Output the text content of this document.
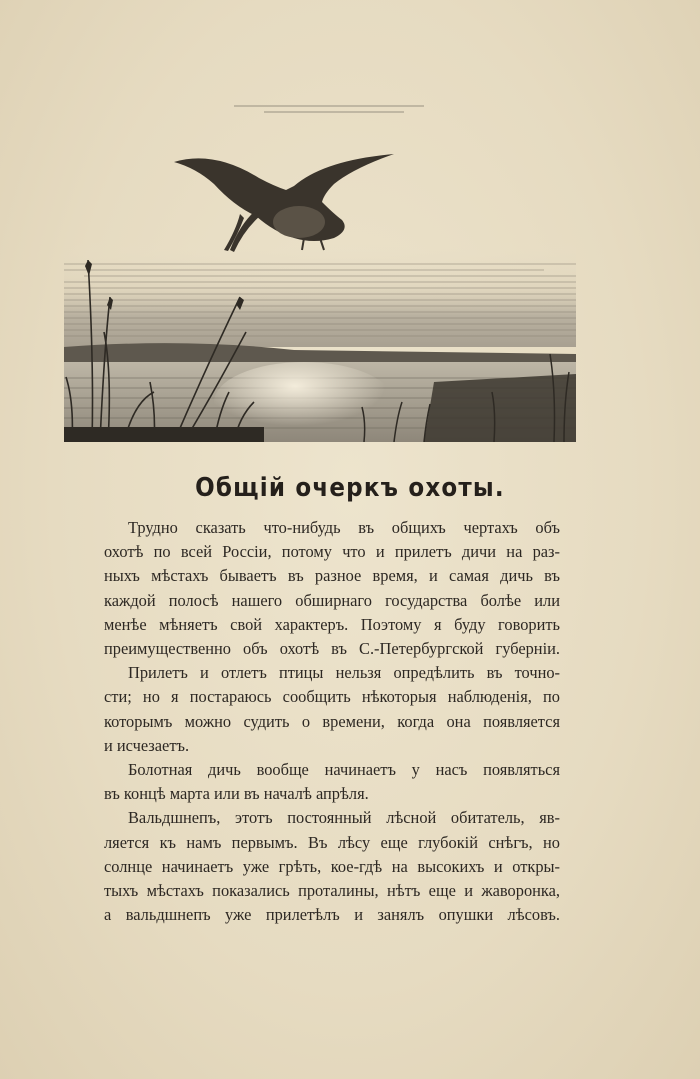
Общій очеркъ охоты.
Трудно сказать что-нибудь въ общихъ чертахъ объ
охотѣ по всей Россіи, потому что и прилетъ дичи на раз-
ныхъ мѣстахъ бываетъ въ разное время, и самая дичь въ
каждой полосѣ нашего обширнаго государства болѣе или
менѣе мѣняетъ свой характеръ. Поэтому я буду говорить
преимущественно объ охотѣ въ С.-Петербургской губерніи.
Прилетъ и отлетъ птицы нельзя опредѣлить въ точно-
сти; но я постараюсь сообщить нѣкоторыя наблюденія, по
которымъ можно судить о времени, когда она появляется
и исчезаетъ.
Болотная дичь вообще начинаетъ у насъ появляться
въ концѣ марта или въ началѣ апрѣля.
Вальдшнепъ, этотъ постоянный лѣсной обитатель, яв-
ляется къ намъ первымъ. Въ лѣсу еще глубокій снѣгъ, но
солнце начинаетъ уже грѣть, кое-гдѣ на высокихъ и откры-
тыхъ мѣстахъ показались проталины, нѣтъ еще и жаворонка,
а вальдшнепъ уже прилетѣлъ и занялъ опушки лѣсовъ.
